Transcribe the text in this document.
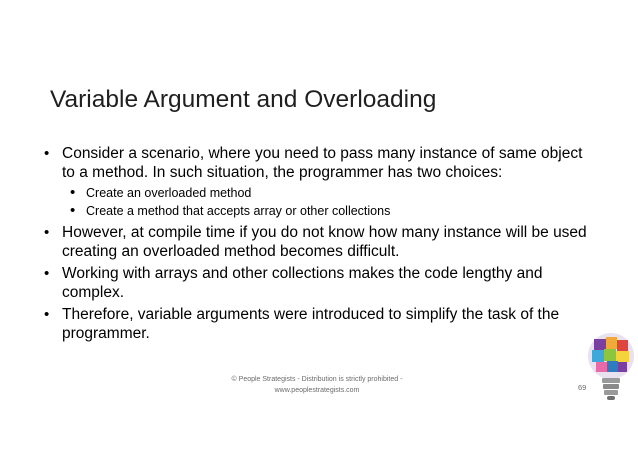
Variable Argument and Overloading
• Consider a scenario, where you need to pass many instance of same object to a method. In such situation, the programmer has two choices:
• Create an overloaded method
• Create a method that accepts array or other collections
• However, at compile time if you do not know how many instance will be used creating an overloaded method becomes difficult.
• Working with arrays and other collections makes the code lengthy and complex.
• Therefore, variable arguments were introduced to simplify the task of the programmer.
© People Strategists - Distribution is strictly prohibited -
www.peoplestrategists.com	69
